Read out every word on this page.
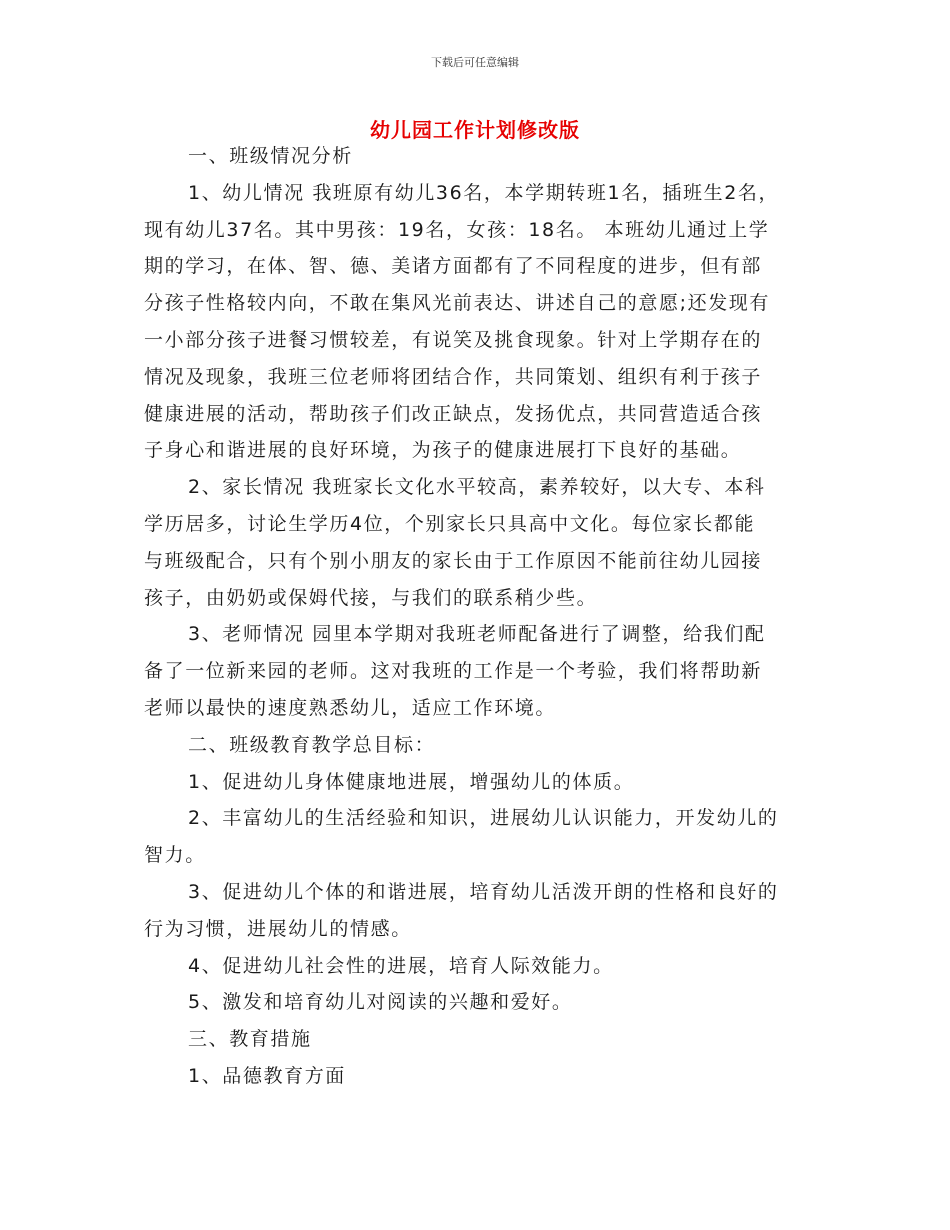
下载后可任意编辑
幼儿园工作计划修改版
一、班级情况分析
1、幼儿情况 我班原有幼儿36名，本学期转班1名，插班生2名，
现有幼儿37名。其中男孩：19名，女孩：18名。 本班幼儿通过上学
期的学习，在体、智、德、美诸方面都有了不同程度的进步，但有部
分孩子性格较内向，不敢在集风光前表达、讲述自己的意愿;还发现有
一小部分孩子进餐习惯较差，有说笑及挑食现象。针对上学期存在的
情况及现象，我班三位老师将团结合作，共同策划、组织有利于孩子
健康进展的活动，帮助孩子们改正缺点，发扬优点，共同营造适合孩
子身心和谐进展的良好环境，为孩子的健康进展打下良好的基础。
2、家长情况 我班家长文化水平较高，素养较好，以大专、本科
学历居多，讨论生学历4位，个别家长只具高中文化。每位家长都能
与班级配合，只有个别小朋友的家长由于工作原因不能前往幼儿园接
孩子，由奶奶或保姆代接，与我们的联系稍少些。
3、老师情况 园里本学期对我班老师配备进行了调整，给我们配
备了一位新来园的老师。这对我班的工作是一个考验，我们将帮助新
老师以最快的速度熟悉幼儿，适应工作环境。
二、班级教育教学总目标：
1、促进幼儿身体健康地进展，增强幼儿的体质。
2、丰富幼儿的生活经验和知识，进展幼儿认识能力，开发幼儿的
智力。
3、促进幼儿个体的和谐进展，培育幼儿活泼开朗的性格和良好的
行为习惯，进展幼儿的情感。
4、促进幼儿社会性的进展，培育人际效能力。
5、激发和培育幼儿对阅读的兴趣和爱好。
三、教育措施
1、品德教育方面
